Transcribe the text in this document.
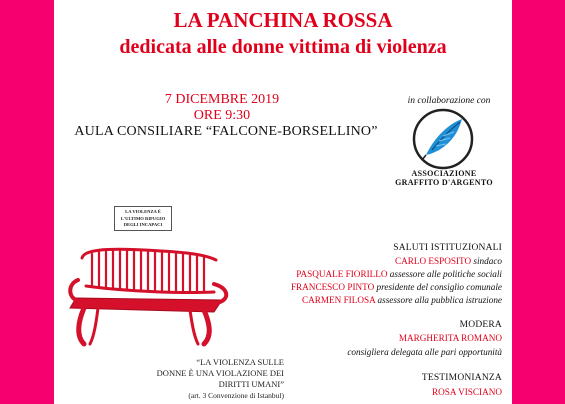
LA PANCHINA ROSSA
dedicata alle donne vittima di violenza
7 DICEMBRE 2019
ORE 9:30
AULA CONSILIARE “FALCONE-BORSELLINO”
in collaborazione con
ASSOCIAZIONE
GRAFFITO D'ARGENTO
LA VIOLENZA È
L'ULTIMO RIFUGIO
DEGLI INCAPACI
“LA VIOLENZA SULLE
DONNE È UNA VIOLAZIONE DEI
DIRITTI UMANI”
(art. 3 Convenzione di Istanbul)
SALUTI ISTITUZIONALI
CARLO ESPOSITO sindaco
PASQUALE FIORILLO assessore alle politiche sociali
FRANCESCO PINTO presidente del consiglio comunale
CARMEN FILOSA assessore alla pubblica istruzione
MODERA
MARGHERITA ROMANO
consigliera delegata alle pari opportunità
TESTIMONIANZA
ROSA VISCIANO
